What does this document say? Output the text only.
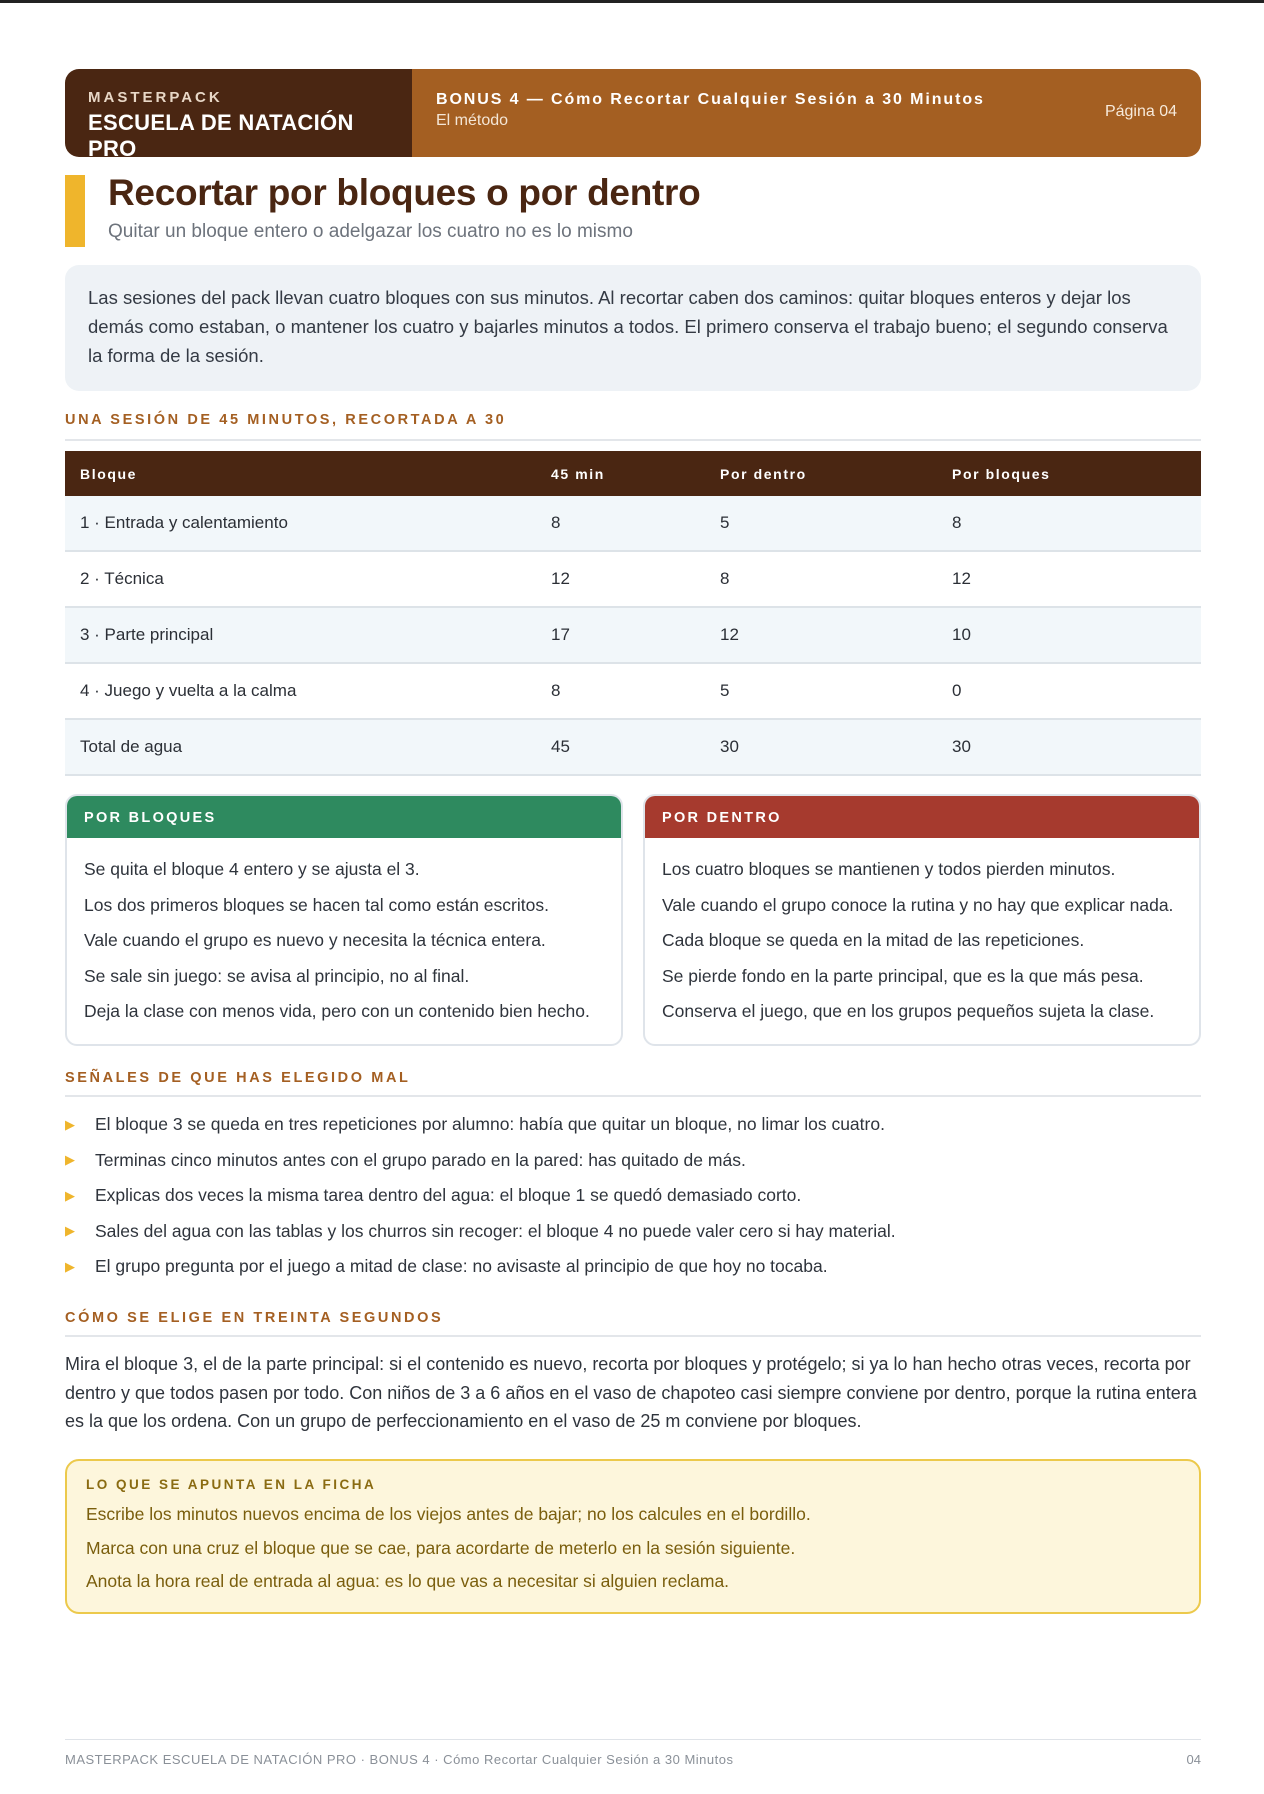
MASTERPACK
ESCUELA DE NATACIÓN PRO
BONUS 4 — Cómo Recortar Cualquier Sesión a 30 Minutos
El método
Página 04
Recortar por bloques o por dentro
Quitar un bloque entero o adelgazar los cuatro no es lo mismo
Las sesiones del pack llevan cuatro bloques con sus minutos. Al recortar caben dos caminos: quitar bloques enteros y dejar los demás como estaban, o mantener los cuatro y bajarles minutos a todos. El primero conserva el trabajo bueno; el segundo conserva la forma de la sesión.
UNA SESIÓN DE 45 MINUTOS, RECORTADA A 30
Bloque	45 min	Por dentro	Por bloques
1 · Entrada y calentamiento	8	5	8
2 · Técnica	12	8	12
3 · Parte principal	17	12	10
4 · Juego y vuelta a la calma	8	5	0
Total de agua	45	30	30
POR BLOQUES
Se quita el bloque 4 entero y se ajusta el 3.
Los dos primeros bloques se hacen tal como están escritos.
Vale cuando el grupo es nuevo y necesita la técnica entera.
Se sale sin juego: se avisa al principio, no al final.
Deja la clase con menos vida, pero con un contenido bien hecho.
POR DENTRO
Los cuatro bloques se mantienen y todos pierden minutos.
Vale cuando el grupo conoce la rutina y no hay que explicar nada.
Cada bloque se queda en la mitad de las repeticiones.
Se pierde fondo en la parte principal, que es la que más pesa.
Conserva el juego, que en los grupos pequeños sujeta la clase.
SEÑALES DE QUE HAS ELEGIDO MAL
▶	El bloque 3 se queda en tres repeticiones por alumno: había que quitar un bloque, no limar los cuatro.
▶	Terminas cinco minutos antes con el grupo parado en la pared: has quitado de más.
▶	Explicas dos veces la misma tarea dentro del agua: el bloque 1 se quedó demasiado corto.
▶	Sales del agua con las tablas y los churros sin recoger: el bloque 4 no puede valer cero si hay material.
▶	El grupo pregunta por el juego a mitad de clase: no avisaste al principio de que hoy no tocaba.
CÓMO SE ELIGE EN TREINTA SEGUNDOS

Mira el bloque 3, el de la parte principal: si el contenido es nuevo, recorta por bloques y protégelo; si ya lo han hecho otras veces, recorta por dentro y que todos pasen por todo. Con niños de 3 a 6 años en el vaso de chapoteo casi siempre conviene por dentro, porque la rutina entera es la que los ordena. Con un grupo de perfeccionamiento en el vaso de 25 m conviene por bloques.

LO QUE SE APUNTA EN LA FICHA
Escribe los minutos nuevos encima de los viejos antes de bajar; no los calcules en el bordillo.
Marca con una cruz el bloque que se cae, para acordarte de meterlo en la sesión siguiente.
Anota la hora real de entrada al agua: es lo que vas a necesitar si alguien reclama.
MASTERPACK ESCUELA DE NATACIÓN PRO · BONUS 4 · Cómo Recortar Cualquier Sesión a 30 Minutos	04
